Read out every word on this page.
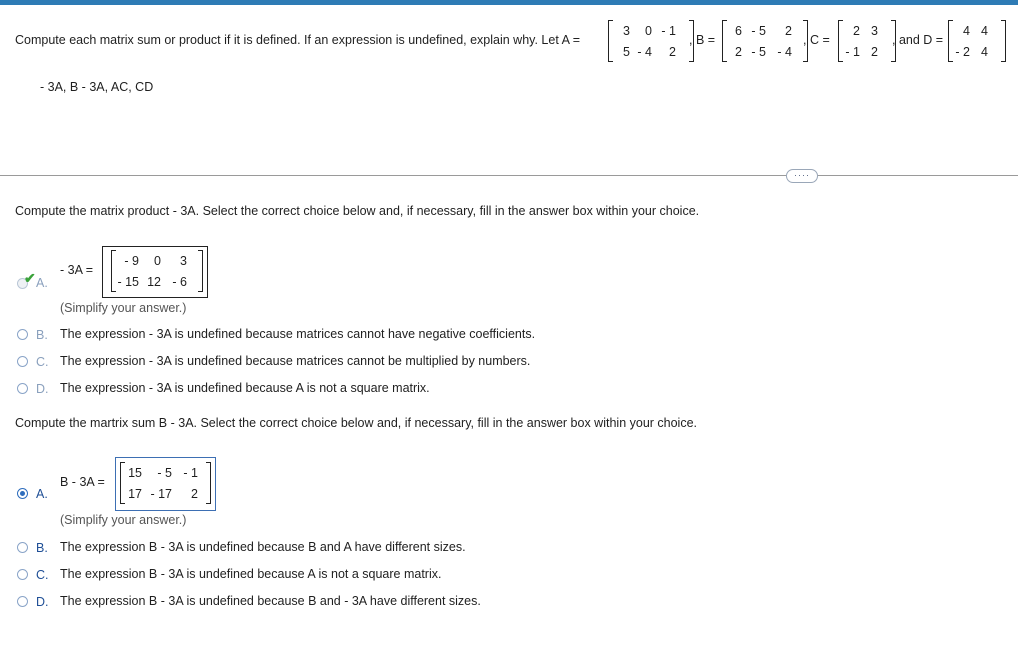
Compute each matrix sum or product if it is defined. If an expression is undefined, explain why. Let A =
3	0 - 1
5 - 4	2
, B =
6 - 5	2
2 - 5 - 4
, C =
2 3
- 1 2
, and D =
4 4
- 2 4
- 3A, B - 3A, AC, CD
····
Compute the matrix product - 3A. Select the correct choice below and, if necessary, fill in the answer box within your choice.
✔ A.
- 3A =
- 9	0	3
- 15 12 - 6
(Simplify your answer.)
B. The expression - 3A is undefined because matrices cannot have negative coefficients.
C. The expression - 3A is undefined because matrices cannot be multiplied by numbers.
D. The expression - 3A is undefined because A is not a square matrix.
Compute the martrix sum B - 3A. Select the correct choice below and, if necessary, fill in the answer box within your choice.
A.
B - 3A =
15	- 5 - 1
17 - 17	2
(Simplify your answer.)
B. The expression B - 3A is undefined because B and A have different sizes.
C. The expression B - 3A is undefined because A is not a square matrix.
D. The expression B - 3A is undefined because B and - 3A have different sizes.
